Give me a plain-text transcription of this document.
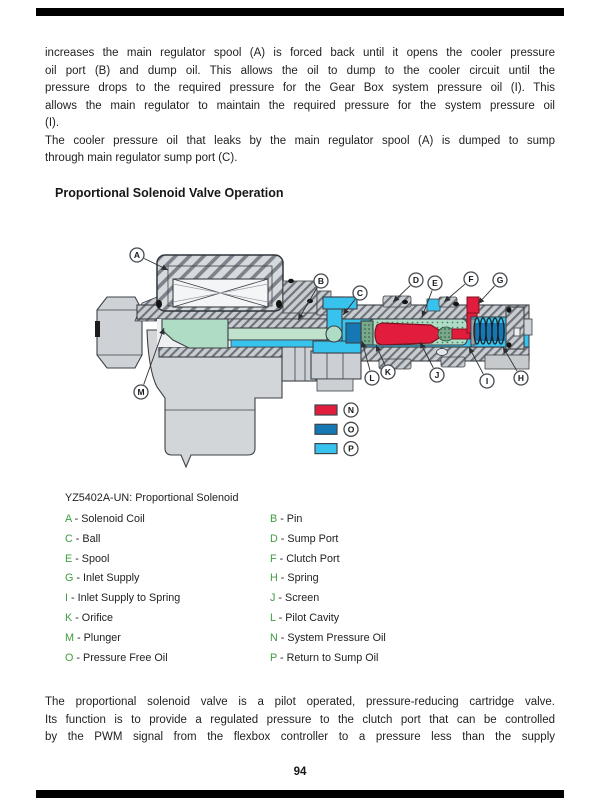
increases the main regulator spool (A) is forced back until it opens the cooler pressure
oil port (B) and dump oil. This allows the oil to dump to the cooler circuit until the
pressure drops to the required pressure for the Gear Box system pressure oil (I). This
allows the main regulator to maintain the required pressure for the system pressure oil
(I).
The cooler pressure oil that leaks by the main regulator spool (A) is dumped to sump
through main regulator sump port (C).
Proportional Solenoid Valve Operation
A
B
C
D E	F	G
H
I
J
K
L
M
N
O
P
YZ5402A-UN: Proportional Solenoid
A - Solenoid Coil	B - Pin
C - Ball	D - Sump Port
E - Spool	F - Clutch Port
G - Inlet Supply	H - Spring
I - Inlet Supply to Spring	J - Screen
K - Orifice	L - Pilot Cavity
M - Plunger	N - System Pressure Oil
O - Pressure Free Oil	P - Return to Sump Oil
The proportional solenoid valve is a pilot operated, pressure-reducing cartridge valve.
Its function is to provide a regulated pressure to the clutch port that can be controlled
by the PWM signal from the flexbox controller to a pressure less than the supply
94
